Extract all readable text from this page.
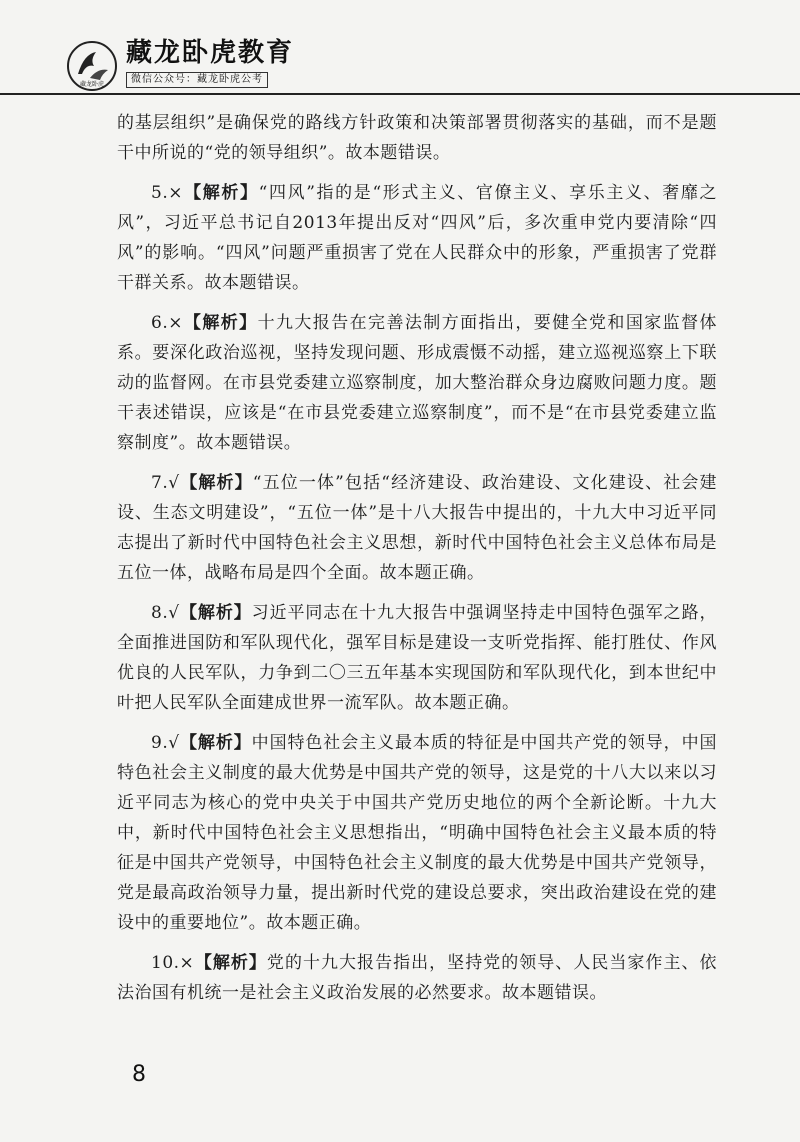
藏龙卧虎
藏龙卧虎教育
微信公众号：藏龙卧虎公考

的基层组织”是确保党的路线方针政策和决策部署贯彻落实的基础，而不是题干中所说的“党的领导组织”。故本题错误。

5.×【解析】“四风”指的是“形式主义、官僚主义、享乐主义、奢靡之风”，习近平总书记自2013年提出反对“四风”后，多次重申党内要清除“四风”的影响。“四风”问题严重损害了党在人民群众中的形象，严重损害了党群干群关系。故本题错误。

6.×【解析】十九大报告在完善法制方面指出，要健全党和国家监督体系。要深化政治巡视，坚持发现问题、形成震慑不动摇，建立巡视巡察上下联动的监督网。在市县党委建立巡察制度，加大整治群众身边腐败问题力度。题干表述错误，应该是“在市县党委建立巡察制度”，而不是“在市县党委建立监察制度”。故本题错误。

7.√【解析】“五位一体”包括“经济建设、政治建设、文化建设、社会建设、生态文明建设”，“五位一体”是十八大报告中提出的，十九大中习近平同志提出了新时代中国特色社会主义思想，新时代中国特色社会主义总体布局是五位一体，战略布局是四个全面。故本题正确。

8.√【解析】习近平同志在十九大报告中强调坚持走中国特色强军之路，全面推进国防和军队现代化，强军目标是建设一支听党指挥、能打胜仗、作风优良的人民军队，力争到二〇三五年基本实现国防和军队现代化，到本世纪中叶把人民军队全面建成世界一流军队。故本题正确。

9.√【解析】中国特色社会主义最本质的特征是中国共产党的领导，中国特色社会主义制度的最大优势是中国共产党的领导，这是党的十八大以来以习近平同志为核心的党中央关于中国共产党历史地位的两个全新论断。十九大中，新时代中国特色社会主义思想指出，“明确中国特色社会主义最本质的特征是中国共产党领导，中国特色社会主义制度的最大优势是中国共产党领导，党是最高政治领导力量，提出新时代党的建设总要求，突出政治建设在党的建设中的重要地位”。故本题正确。

10.×【解析】党的十九大报告指出，坚持党的领导、人民当家作主、依法治国有机统一是社会主义政治发展的必然要求。故本题错误。

8
